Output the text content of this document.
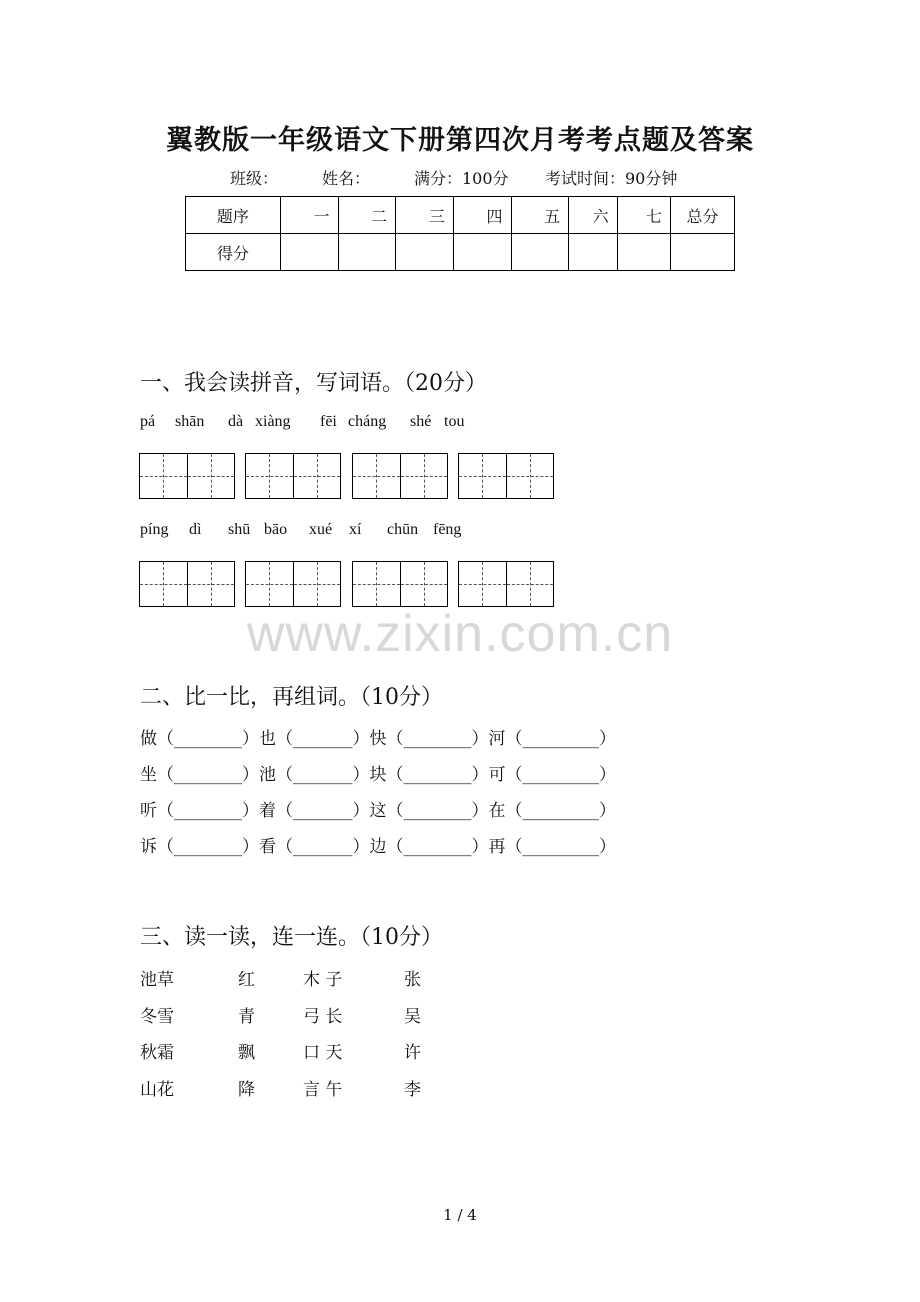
翼教版一年级语文下册第四次月考考点题及答案
班级：	姓名：	满分：100分 考试时间：90分钟
题序	一	二	三	四	五	六	七	总分
得分								
一、我会读拼音，写词语。（20分）
pá shān dà xiàng fēi cháng shé tou
píng dì shū bāo xué xí chūn fēng
www.zixin.com.cn
二、比一比，再组词。（10分）
做（________）也（_______）快（________）河（_________）
坐（________）池（_______）块（________）可（_________）
听（________）着（_______）这（________）在（_________）
诉（________）看（_______）边（________）再（_________）
三、读一读，连一连。（10分）
池草	红	木 子	张
冬雪	青	弓 长	吴
秋霜	飘	口 天	许
山花	降	言 午	李
1 / 4
